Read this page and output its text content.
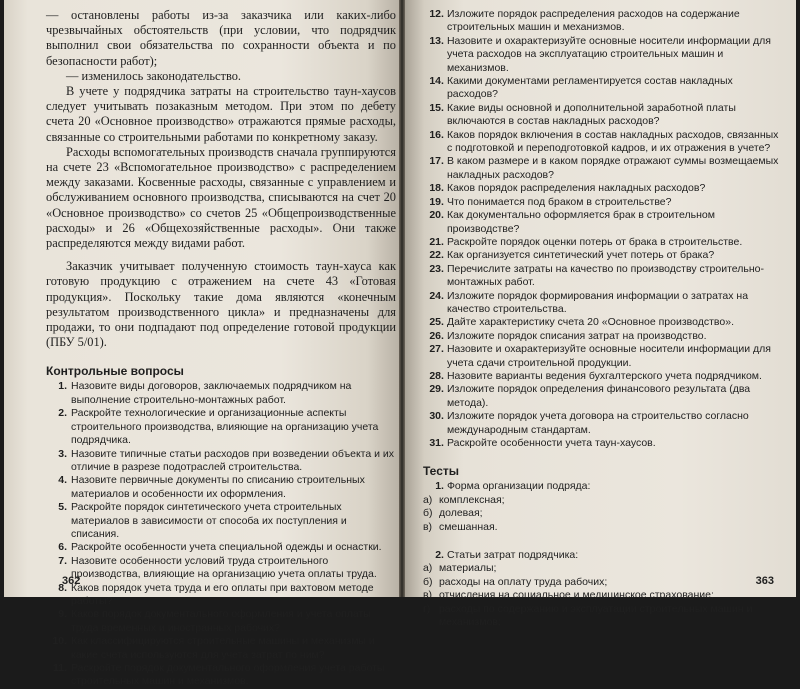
— остановлены работы из-за заказчика или каких-либо чрезвычайных обстоятельств (при условии, что подрядчик выполнил свои обязательства по сохранности объекта и по безопасности работ);

— изменилось законодательство.

В учете у подрядчика затраты на строительство таун-хаусов следует учитывать позаказным методом. При этом по дебету счета 20 «Основное производство» отражаются прямые расходы, связанные со строительными работами по конкретному заказу.

Расходы вспомогательных производств сначала группируются на счете 23 «Вспомогательное производство» с распределением между заказами. Косвенные расходы, связанные с управлением и обслуживанием основного производства, списываются на счет 20 «Основное производство» со счетов 25 «Общепроизводственные расходы» и 26 «Общехозяйственные расходы». Они также распределяются между видами работ.

Заказчик учитывает полученную стоимость таун-хауса как готовую продукцию с отражением на счете 43 «Готовая продукция». Поскольку такие дома являются «конечным результатом производственного цикла» и предназначены для продажи, то они подпадают под определение готовой продукции (ПБУ 5/01).

Контрольные вопросы
1. Назовите виды договоров, заключаемых подрядчиком на выполнение строительно-монтажных работ.
2. Раскройте технологические и организационные аспекты строительного производства, влияющие на организацию учета подрядчика.
3. Назовите типичные статьи расходов при возведении объекта и их отличие в разрезе подотраслей строительства.
4. Назовите первичные документы по списанию строительных материалов и особенности их оформления.
5. Раскройте порядок синтетического учета строительных материалов в зависимости от способа их поступления и списания.
6. Раскройте особенности учета специальной одежды и оснастки.
7. Назовите особенности условий труда строительного производства, влияющие на организацию учета оплаты труда.
8. Каков порядок учета труда и его оплаты при вахтовом методе работы?
9. Каков порядок документального оформления и учета оплаты труда временных и иностранных рабочих?
10. Как классифицируются строительные машины и механизмы и какие счета используются для учета затрат по ним?
11. Раскройте порядок документального оформления учета работы строительных машин и механизмов.
362
12. Изложите порядок распределения расходов на содержание строительных машин и механизмов.
13. Назовите и охарактеризуйте основные носители информации для учета расходов на эксплуатацию строительных машин и механизмов.
14. Какими документами регламентируется состав накладных расходов?
15. Какие виды основной и дополнительной заработной платы включаются в состав накладных расходов?
16. Каков порядок включения в состав накладных расходов, связанных с подготовкой и переподготовкой кадров, и их отражения в учете?
17. В каком размере и в каком порядке отражают суммы возмещаемых накладных расходов?
18. Каков порядок распределения накладных расходов?
19. Что понимается под браком в строительстве?
20. Как документально оформляется брак в строительном производстве?
21. Раскройте порядок оценки потерь от брака в строительстве.
22. Как организуется синтетический учет потерь от брака?
23. Перечислите затраты на качество по производству строительно-монтажных работ.
24. Изложите порядок формирования информации о затратах на качество строительства.
25. Дайте характеристику счета 20 «Основное производство».
26. Изложите порядок списания затрат на производство.
27. Назовите и охарактеризуйте основные носители информации для учета сдачи строительной продукции.
28. Назовите варианты ведения бухгалтерского учета подрядчиком.
29. Изложите порядок определения финансового результата (два метода).
30. Изложите порядок учета договора на строительство согласно международным стандартам.
31. Раскройте особенности учета таун-хаусов.
Тесты
1. Форма организации подряда:
а) комплексная;
б) долевая;
в) смешанная.
2. Статьи затрат подрядчика:
а) материалы;
б) расходы на оплату труда рабочих;
в) отчисления на социальное и медицинское страхование;
г) расходы по содержанию и эксплуатации строительных машин и механизмов;
363
